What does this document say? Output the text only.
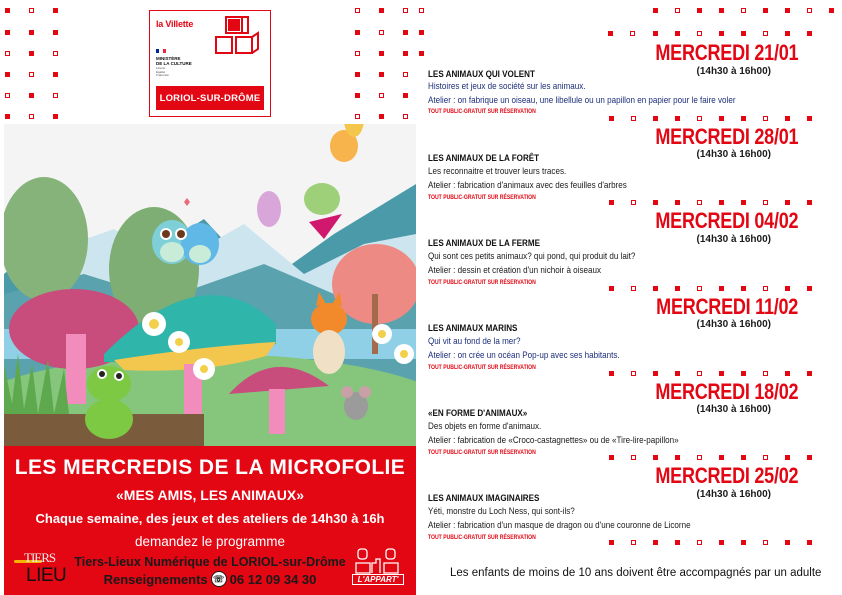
la Villette
MINISTÈRE
DE LA CULTURE
Liberté
Égalité
Fraternité
LORIOL-SUR-DRÔME
LES MERCREDIS DE LA MICROFOLIE
«MES AMIS, LES ANIMAUX»
Chaque semaine, des jeux et des ateliers de 14h30 à 16h
demandez le programme
Tiers-Lieux Numérique de LORIOL-sur-Drôme
Renseignements ☏ 06 12 09 34 30
TIERS
LIEU	L'APPART'
MERCREDI 21/01
(14h30 à 16h00)
LES ANIMAUX QUI VOLENT
Histoires et jeux de société sur les animaux.
Atelier : on fabrique un oiseau, une libellule ou un papillon en papier pour le faire voler
TOUT PUBLIC-GRATUIT SUR RÉSERVATION
MERCREDI 28/01
(14h30 à 16h00)
LES ANIMAUX DE LA FORÊT
Les reconnaitre et trouver leurs traces.
Atelier : fabrication d'animaux avec des feuilles d'arbres
TOUT PUBLIC-GRATUIT SUR RÉSERVATION
MERCREDI 04/02
(14h30 à 16h00)
LES ANIMAUX DE LA FERME
Qui sont ces petits animaux? qui pond, qui produit du lait?
Atelier : dessin et création d'un nichoir à oiseaux
TOUT PUBLIC-GRATUIT SUR RÉSERVATION
MERCREDI 11/02
(14h30 à 16h00)
LES ANIMAUX MARINS
Qui vit au fond de la mer?
Atelier : on crée un océan Pop-up avec ses habitants.
TOUT PUBLIC-GRATUIT SUR RÉSERVATION
MERCREDI 18/02
(14h30 à 16h00)
«EN FORME D'ANIMAUX»
Des objets en forme d'animaux.
Atelier : fabrication de «Croco-castagnettes» ou de «Tire-lire-papillon»
TOUT PUBLIC-GRATUIT SUR RÉSERVATION
MERCREDI 25/02
(14h30 à 16h00)
LES ANIMAUX IMAGINAIRES
Yéti, monstre du Loch Ness, qui sont-ils?
Atelier : fabrication d'un masque de dragon ou d'une couronne de Licorne
TOUT PUBLIC-GRATUIT SUR RÉSERVATION
Les enfants de moins de 10 ans doivent être accompagnés par un adulte
